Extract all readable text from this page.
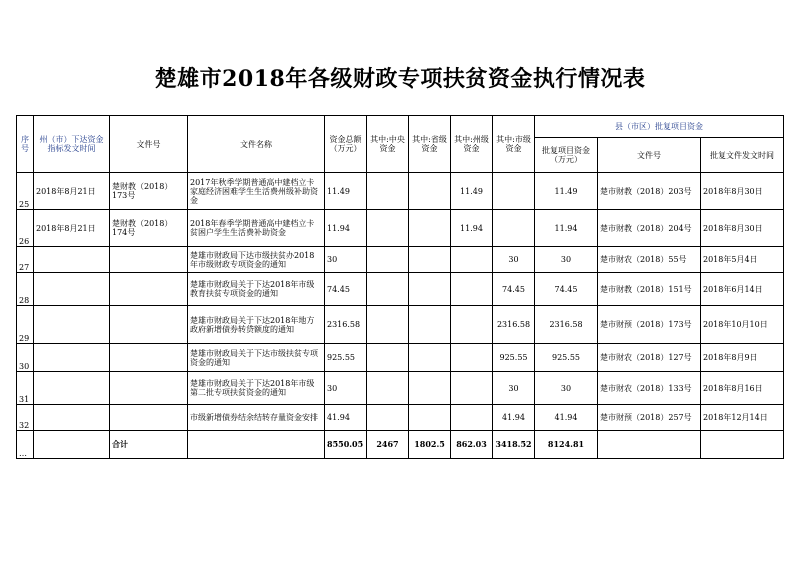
楚雄市2018年各级财政专项扶贫资金执行情况表
序号	州（市）下达资金指标发文时间	文件号	文件名称	资金总额（万元）	其中:中央资金	其中:省级资金	其中:州级资金	其中:市级资金	县（市区）批复项目资金		
									批复项目资金（万元）	文件号	批复文件发文时间
25	2018年8月21日	楚财教（2018）173号	2017年秋季学期普通高中建档立卡家庭经济困难学生生活费州级补助资金	11.49			11.49		11.49	楚市财教（2018）203号	2018年8月30日
26	2018年8月21日	楚财教（2018）174号	2018年春季学期普通高中建档立卡贫困户学生生活费补助资金	11.94			11.94		11.94	楚市财教（2018）204号	2018年8月30日
27			楚雄市财政局下达市级扶贫办2018年市级财政专项资金的通知	30				30	30	楚市财农（2018）55号	2018年5月4日
28			楚雄市财政局关于下达2018年市级教育扶贫专项资金的通知	74.45				74.45	74.45	楚市财教（2018）151号	2018年6月14日
29			楚雄市财政局关于下达2018年地方政府新增债券转贷额度的通知	2316.58				2316.58	2316.58	楚市财预（2018）173号	2018年10月10日
30			楚雄市财政局关于下达市级扶贫专项资金的通知	925.55				925.55	925.55	楚市财农（2018）127号	2018年8月9日
31			楚雄市财政局关于下达2018年市级第二批专项扶贫资金的通知	30				30	30	楚市财农（2018）133号	2018年8月16日
32			市级新增债券结余结转存量资金安排	41.94				41.94	41.94	楚市财预（2018）257号	2018年12月14日
…		合计		8550.05	2467	1802.5	862.03	3418.52	8124.81		
